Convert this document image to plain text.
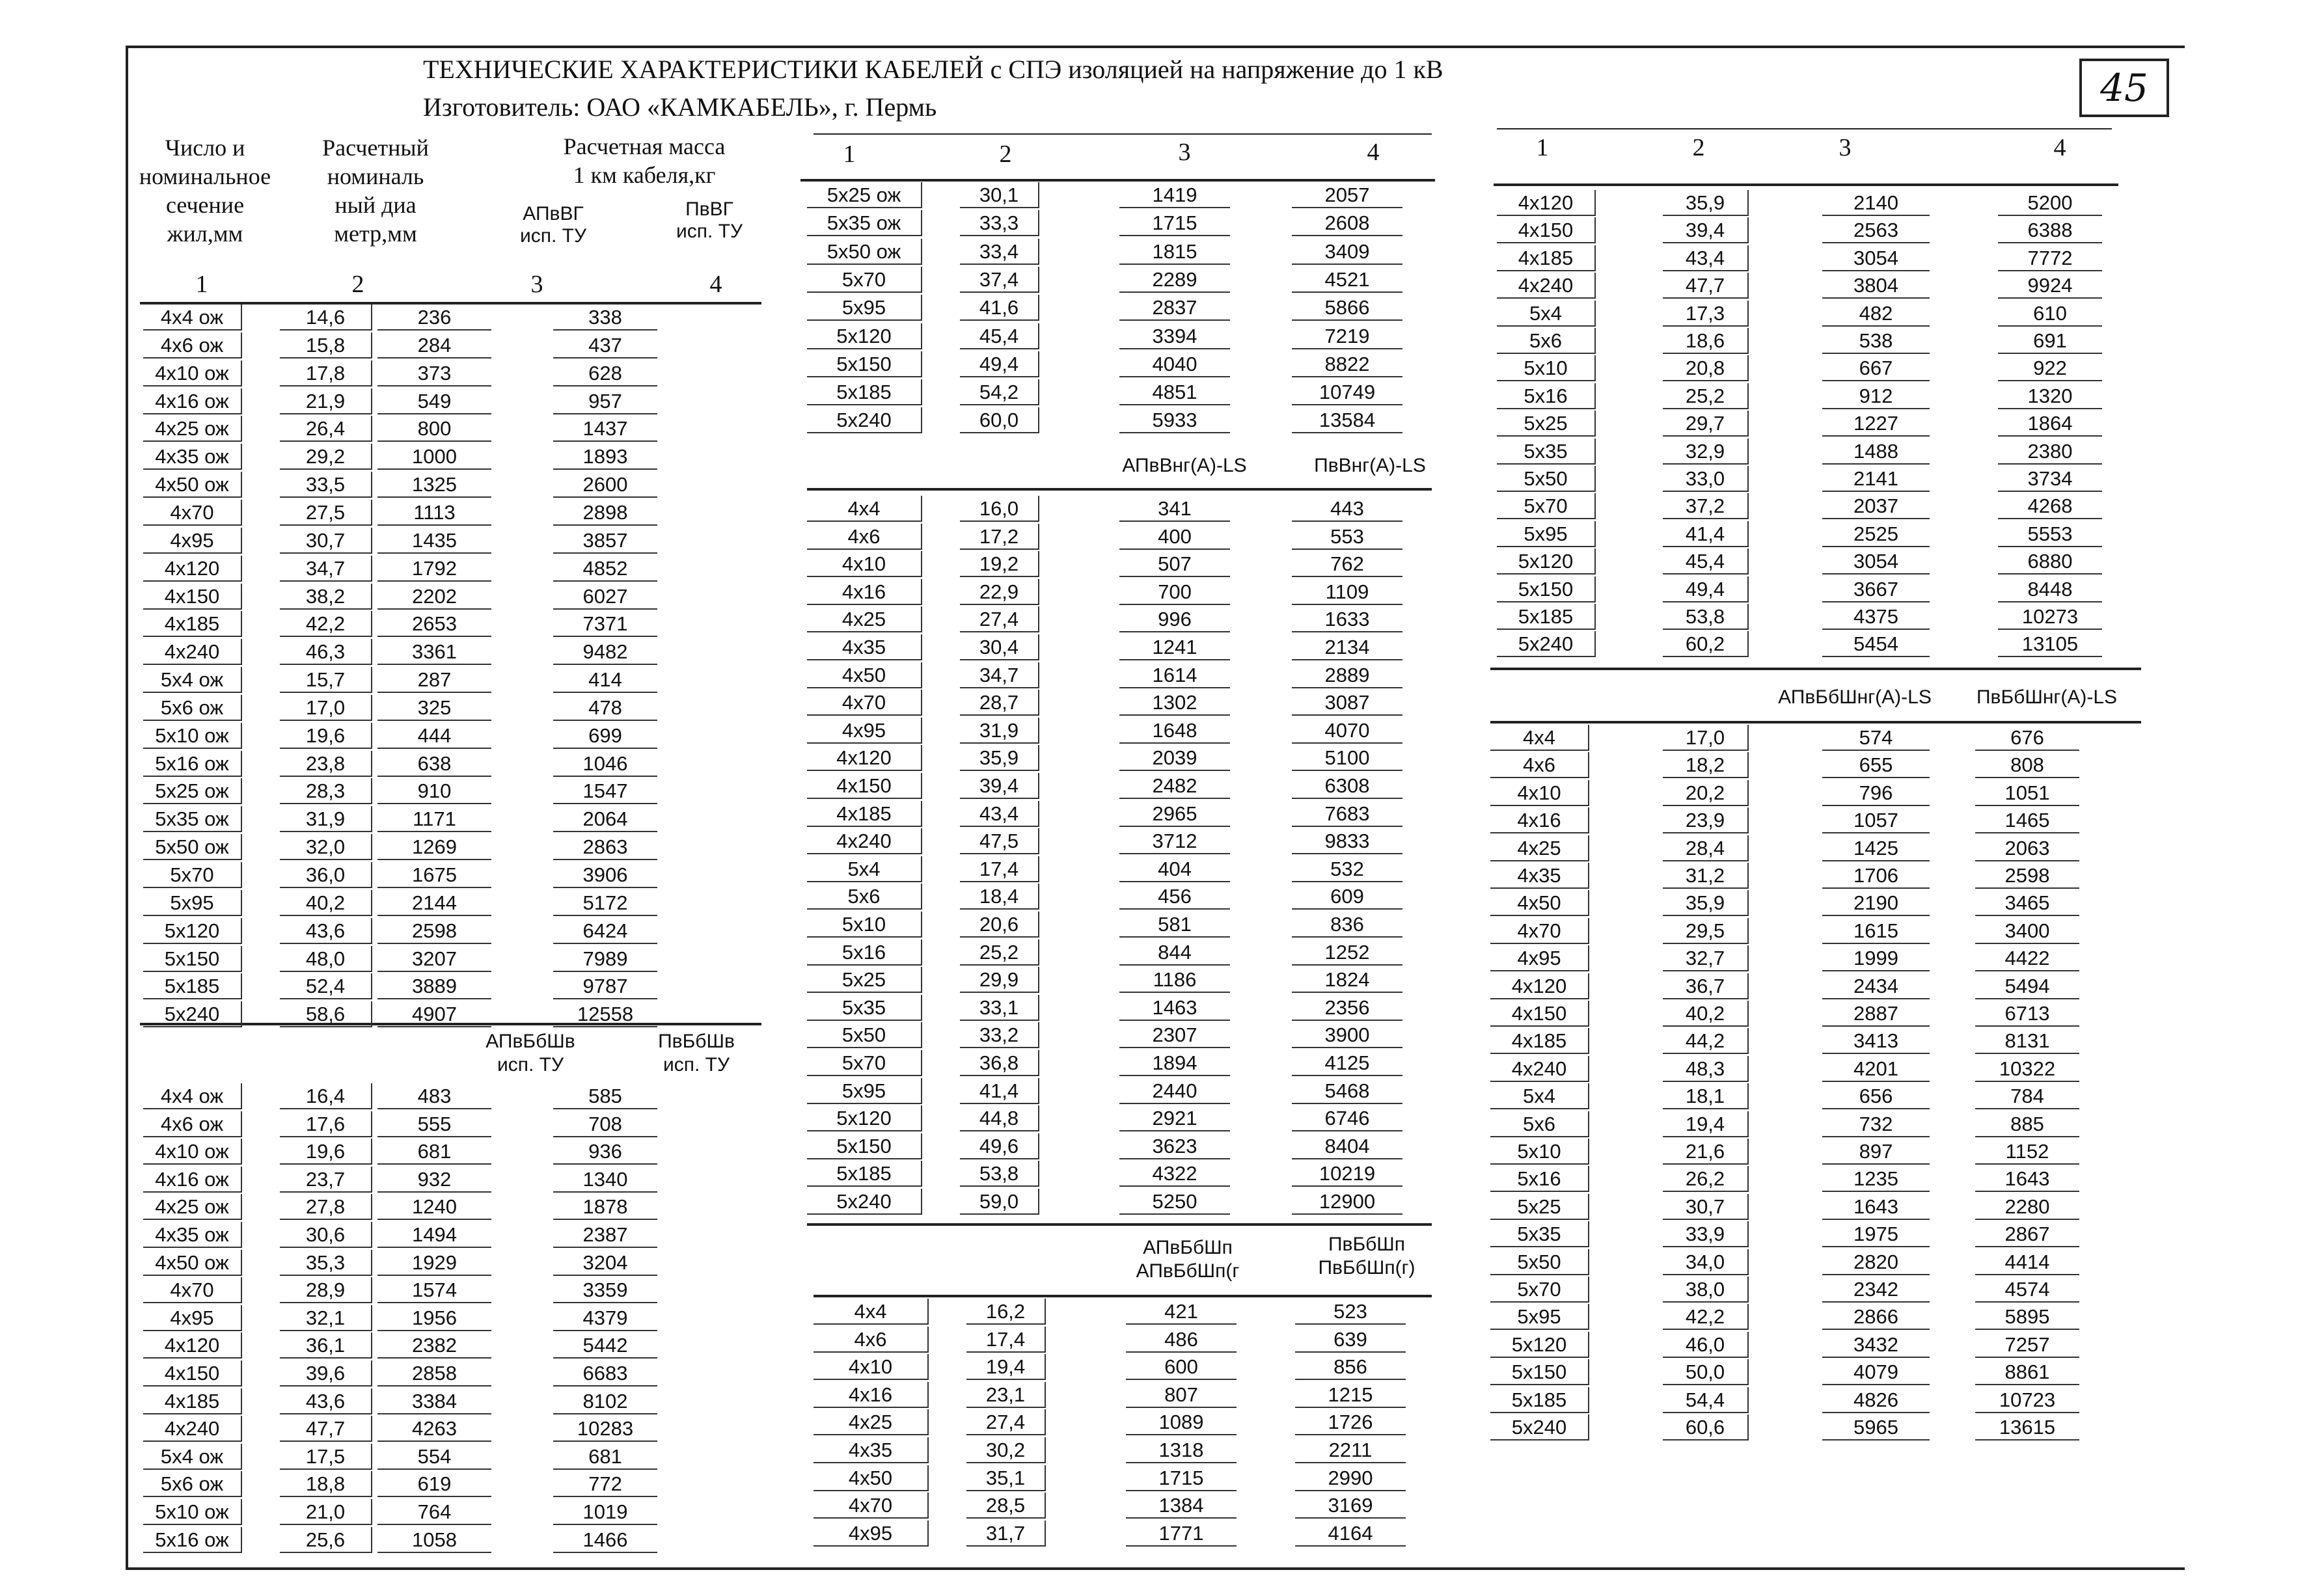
ТЕХНИЧЕСКИЕ ХАРАКТЕРИСТИКИ КАБЕЛЕЙ с СПЭ изоляцией на напряжение до 1 кВ
Изготовитель: ОАО «КАМКАБЕЛЬ», г. Пермь	45
Число и
номинальное
сечение
жил,мм
Расчетный
номиналь
ный диа
метр,мм
Расчетная масса
1 км кабеля,кг
АПвВГ
исп. ТУ
ПвВГ
исп. ТУ
1	2	3	4
1	2	3	4	1	2	3	4
АПвБбШв
исп. ТУ
ПвБбШв
исп. ТУ
АПвВнг(А)-LS	ПвВнг(А)-LS
АПвБбШп
АПвБбШп(г
ПвБбШп
ПвБбШп(г)
АПвБбШнг(А)-LS	ПвБбШнг(А)-LS
4x4 ож	14,6	236	338
4x6 ож	15,8	284	437
4x10 ож	17,8	373	628
4x16 ож	21,9	549	957
4x25 ож	26,4	800	1437
4x35 ож	29,2	1000	1893
4x50 ож	33,5	1325	2600
4x70	27,5	1113	2898
4x95	30,7	1435	3857
4x120	34,7	1792	4852
4x150	38,2	2202	6027
4x185	42,2	2653	7371
4x240	46,3	3361	9482
5x4 ож	15,7	287	414
5x6 ож	17,0	325	478
5x10 ож	19,6	444	699
5x16 ож	23,8	638	1046
5x25 ож	28,3	910	1547
5x35 ож	31,9	1171	2064
5x50 ож	32,0	1269	2863
5x70	36,0	1675	3906
5x95	40,2	2144	5172
5x120	43,6	2598	6424
5x150	48,0	3207	7989
5x185	52,4	3889	9787
5x240	58,6	4907	12558
4x4 ож	16,4	483	585
4x6 ож	17,6	555	708
4x10 ож	19,6	681	936
4x16 ож	23,7	932	1340
4x25 ож	27,8	1240	1878
4x35 ож	30,6	1494	2387
4x50 ож	35,3	1929	3204
4x70	28,9	1574	3359
4x95	32,1	1956	4379
4x120	36,1	2382	5442
4x150	39,6	2858	6683
4x185	43,6	3384	8102
4x240	47,7	4263	10283
5x4 ож	17,5	554	681
5x6 ож	18,8	619	772
5x10 ож	21,0	764	1019
5x16 ож	25,6	1058	1466
5x25 ож	30,1	1419	2057
5x35 ож	33,3	1715	2608
5x50 ож	33,4	1815	3409
5x70	37,4	2289	4521
5x95	41,6	2837	5866
5x120	45,4	3394	7219
5x150	49,4	4040	8822
5x185	54,2	4851	10749
5x240	60,0	5933	13584
4x4	16,0	341	443
4x6	17,2	400	553
4x10	19,2	507	762
4x16	22,9	700	1109
4x25	27,4	996	1633
4x35	30,4	1241	2134
4x50	34,7	1614	2889
4x70	28,7	1302	3087
4x95	31,9	1648	4070
4x120	35,9	2039	5100
4x150	39,4	2482	6308
4x185	43,4	2965	7683
4x240	47,5	3712	9833
5x4	17,4	404	532
5x6	18,4	456	609
5x10	20,6	581	836
5x16	25,2	844	1252
5x25	29,9	1186	1824
5x35	33,1	1463	2356
5x50	33,2	2307	3900
5x70	36,8	1894	4125
5x95	41,4	2440	5468
5x120	44,8	2921	6746
5x150	49,6	3623	8404
5x185	53,8	4322	10219
5x240	59,0	5250	12900
4x4	16,2	421	523
4x6	17,4	486	639
4x10	19,4	600	856
4x16	23,1	807	1215
4x25	27,4	1089	1726
4x35	30,2	1318	2211
4x50	35,1	1715	2990
4x70	28,5	1384	3169
4x95	31,7	1771	4164
4x120	35,9	2140	5200
4x150	39,4	2563	6388
4x185	43,4	3054	7772
4x240	47,7	3804	9924
5x4	17,3	482	610
5x6	18,6	538	691
5x10	20,8	667	922
5x16	25,2	912	1320
5x25	29,7	1227	1864
5x35	32,9	1488	2380
5x50	33,0	2141	3734
5x70	37,2	2037	4268
5x95	41,4	2525	5553
5x120	45,4	3054	6880
5x150	49,4	3667	8448
5x185	53,8	4375	10273
5x240	60,2	5454	13105
4x4	17,0	574	676
4x6	18,2	655	808
4x10	20,2	796	1051
4x16	23,9	1057	1465
4x25	28,4	1425	2063
4x35	31,2	1706	2598
4x50	35,9	2190	3465
4x70	29,5	1615	3400
4x95	32,7	1999	4422
4x120	36,7	2434	5494
4x150	40,2	2887	6713
4x185	44,2	3413	8131
4x240	48,3	4201	10322
5x4	18,1	656	784
5x6	19,4	732	885
5x10	21,6	897	1152
5x16	26,2	1235	1643
5x25	30,7	1643	2280
5x35	33,9	1975	2867
5x50	34,0	2820	4414
5x70	38,0	2342	4574
5x95	42,2	2866	5895
5x120	46,0	3432	7257
5x150	50,0	4079	8861
5x185	54,4	4826	10723
5x240	60,6	5965	13615
